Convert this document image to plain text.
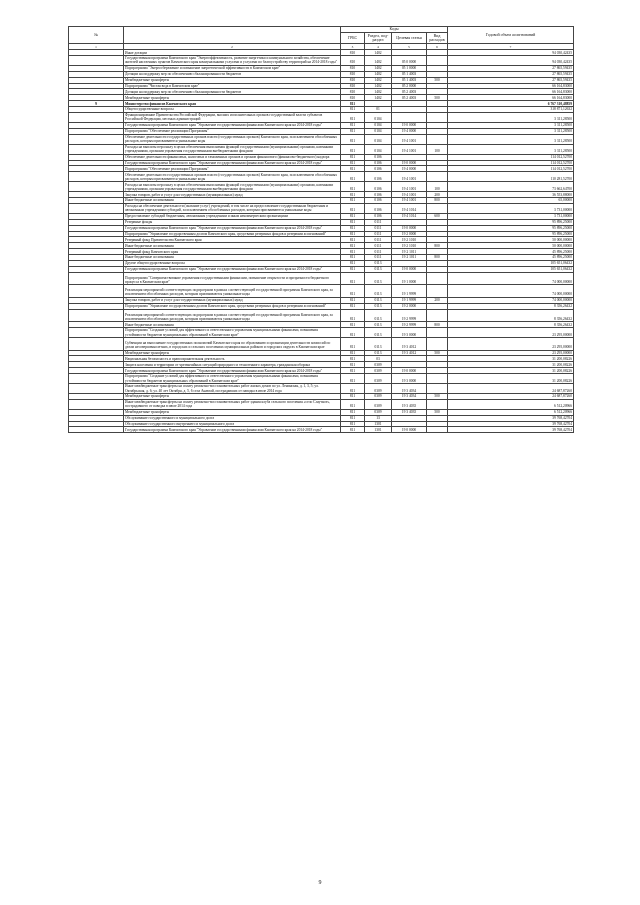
№		Коды				Годовой объем ассигнований
		ГРБС	Раздел, под-раздел	Целевая статья	Вид расходов	
1	2	3	4	5	6	7
	Иные дотации	810	1402			94 030,42435
	Государственная программа Камчатского края "Энергоэффективность, развитие энергетики и коммунального хозяйства, обеспечение жителей населенных пунктов Камчатского края коммунальными услугами и услугами по благоустройству территорий на 2014-2018 годы"	810	1402	05 0 0000		94 030,42435
	Подпрограмма "Энергосбережение и повышение энергетической эффективности в Камчатском крае"	810	1402	05 1 0000		27 865,59435
	Дотации на поддержку мер по обеспечению сбалансированности бюджетов	810	1402	05 1 4003		27 865,59435
	Межбюджетные трансферты	810	1402	05 1 4003	500	27 865,59435
	Подпрограмма "Чистая вода в Камчатском крае"	810	1402	05 2 0000		66 164,83000
	Дотации на поддержку мер по обеспечению сбалансированности бюджетов	810	1402	05 2 4003		66 164,83000
	Межбюджетные трансферты	810	1402	05 2 4003	500	66 164,83000
9	Министерство финансов Камчатского края	811				6 767 310,48859
	Общегосударственные вопросы	811	01			318 871,12632
	Функционирование Правительства Российской Федерации, высших исполнительных органов государственной власти субъектов Российской Федерации, местных администраций	811	0104			3 311,28500
	Государственная программа Камчатского края "Управление государственными финансами Камчатского края на 2014-2018 годы"	811	0104	19 0 0000		3 311,28500
	Подпрограмма "Обеспечение реализации Программы"	811	0104	19 4 0000		3 311,28500
	Обеспечение деятельности государственных органов власти (государственных органов) Камчатского края, за исключением обособленных расходов, которым присваиваются уникальные коды	811	0104	19 4 1001		3 311,28500
	Расходы на выплаты персоналу в целях обеспечения выполнения функций государственными (муниципальными) органами, казенными учреждениями, органами управления государственными внебюджетными фондами	811	0104	19 4 1001	100	3 311,28500
	Обеспечение деятельности финансовых, налоговых и таможенных органов и органов финансового (финансово-бюджетного) надзора	811	0106			114 012,52700
	Государственная программа Камчатского края "Управление государственными финансами Камчатского края на 2014-2018 годы"	811	0106	19 0 0000		114 012,52700
	Подпрограмма "Обеспечение реализации Программы"	811	0106	19 4 0000		114 012,52700
	Обеспечение деятельности государственных органов власти (государственных органов) Камчатского края, за исключением обособленных расходов, которым присваиваются уникальные коды	811	0106	19 4 1001		110 281,52700
	Расходы на выплаты персоналу в целях обеспечения выполнения функций государственными (муниципальными) органами, казенными учреждениями, органами управления государственными внебюджетными фондами	811	0106	19 4 1001	100	73 662,64700
	Закупка товаров, работ и услуг для государственных (муниципальных) нужд	811	0106	19 4 1001	200	36 553,88000
	Иные бюджетные ассигнования	811	0106	19 4 1001	800	65,00000
	Расходы на обеспечение деятельности (оказание услуг) учреждений, в том числе на предоставление государственным бюджетным и автономным учреждениям субсидий, за исключением обособленных расходов, которым присваиваются уникальные коды	811	0106	19 4 1014		3 731,00000
	Предоставление субсидий бюджетным, автономным учреждениям и иным некоммерческим организациям	811	0106	19 4 1014	600	3 731,00000
	Резервные фонды	811	0111			95 896,25000
	Государственная программа Камчатского края "Управление государственными финансами Камчатского края на 2014-2018 годы"	811	0111	19 0 0000		95 896,25000
	Подпрограмма "Управление государственным долгом Камчатского края, средствами резервных фондов и резервами ассигнований"	811	0111	19 2 0000		95 896,25000
	Резервный фонд Правительства Камчатского края	811	0111	19 2 1010		50 000,00000
	Иные бюджетные ассигнования	811	0111	19 2 1010	800	50 000,00000
	Резервный фонд Камчатского края	811	0111	19 2 1011		45 896,25000
	Иные бюджетные ассигнования	811	0111	19 2 1011	800	45 896,25000
	Другие общегосударственные вопросы	811	0113			105 651,06432
	Государственная программа Камчатского края "Управление государственными финансами Камчатского края на 2014-2018 годы"	811	0113	19 0 0000		105 651,06432
	Подпрограмма "Совершенствование управления государственными финансами, повышение открытости и прозрачности бюджетного процесса в Камчатском крае"	811	0113	19 1 0000		74 000,00000
	Реализация мероприятий соответствующих подпрограмм в рамках соответствующей государственной программы Камчатского края, за исключением обособленных расходов, которым присваиваются уникальные коды	811	0113	19 1 9999		74 000,00000
	Закупка товаров, работ и услуг для государственных (муниципальных) нужд	811	0113	19 1 9999	200	74 000,00000
	Подпрограмма "Управление государственным долгом Камчатского края, средствами резервных фондов и резервами ассигнований"	811	0113	19 2 0000		8 356,26432
	Реализация мероприятий соответствующих подпрограмм в рамках соответствующей государственной программы Камчатского края, за исключением обособленных расходов, которым присваиваются уникальные коды	811	0113	19 2 9999		8 356,26432
	Иные бюджетные ассигнования	811	0113	19 2 9999	800	8 356,26432
	Подпрограмма "Создание условий для эффективного и ответственного управления муниципальными финансами, повышения устойчивости бюджетов муниципальных образований в Камчатском крае"	811	0113	19 3 0000		23 295,00000
	Субвенции на выполнение государственных полномочий Камчатского края по образованию и организации деятельности комиссий по делам несовершеннолетних, в городских и сельских поселениях муниципальных районов и городских округах в Камчатском крае	811	0113	19 3 4012		23 295,00000
	Межбюджетные трансферты	811	0113	19 3 4012	500	23 295,00000
	Национальная безопасность и правоохранительная деятельность	811	03			31 200,08226
	Защита населения и территории от чрезвычайных ситуаций природного и техногенного характера, гражданская оборона	811	0309			31 200,08226
	Государственная программа Камчатского края "Управление государственными финансами Камчатского края на 2014-2018 годы"	811	0309	19 0 0000		31 200,08226
	Подпрограмма "Создание условий для эффективного и ответственного управления муниципальными финансами, повышения устойчивости бюджетов муниципальных образований в Камчатском крае"	811	0309	19 3 0000		31 200,08226
	Иные межбюджетные трансферты на оплату ремонтно-восстановительных работ жилых домов по ул. Ленинская, д. 1, 3, 5; ул. Октябрьская, д. 6; ул. 40 лет Октября, д. 5, 6 села Анавгай, пострадавших от паводка в июле 2014 года	811	0309	19 3 4034		24 687,87260
	Межбюджетные трансферты	811	0309	19 3 4034	500	24 687,87260
	Иные межбюджетные трансферты на оплату ремонтно-восстановительных работ здания клуба сельского поселения «село Слаутное», пострадавшего от паводка в июле 2014 года	811	0309	19 3 4035		6 512,20966
	Межбюджетные трансферты	811	0309	19 3 4035	500	6 512,20966
	Обслуживание государственного и муниципального долга	811	13			39 768,42704
	Обслуживание государственного внутреннего и муниципального долга	811	1301			39 768,42704
	Государственная программа Камчатского края "Управление государственными финансами Камчатского края на 2014-2018 годы"	811	1301	19 0 0000		39 768,42704
9
